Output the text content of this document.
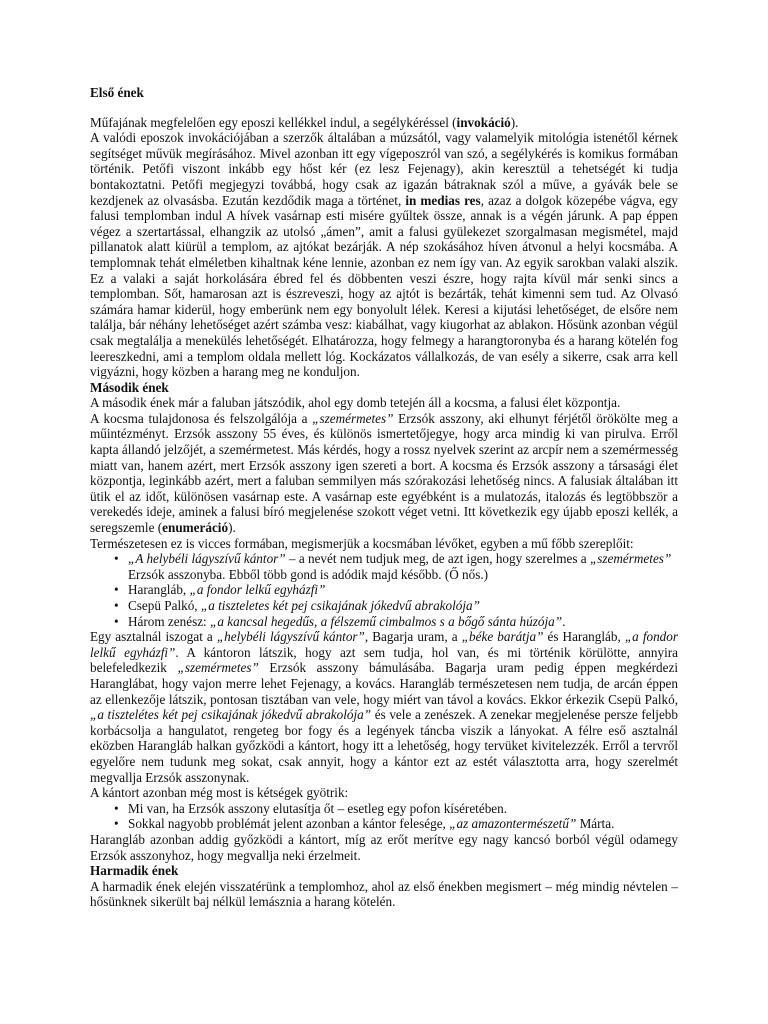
Első ének

Műfajának megfelelően egy eposzi kellékkel indul, a segélykéréssel (invokáció).

A valódi eposzok invokációjában a szerzők általában a múzsától, vagy valamelyik mitológia istenétől kérnek segítséget művük megírásához. Mivel azonban itt egy vígeposzról van szó, a segélykérés is komikus formában történik. Petőfi viszont inkább egy hőst kér (ez lesz Fejenagy), akin keresztül a tehetségét ki tudja bontakoztatni. Petőfi megjegyzi továbbá, hogy csak az igazán bátraknak szól a műve, a gyávák bele se kezdjenek az olvasásba. Ezután kezdődik maga a történet, in medias res, azaz a dolgok közepébe vágva, egy falusi templomban indul A hívek vasárnap esti misére gyűltek össze, annak is a végén járunk. A pap éppen végez a szertartással, elhangzik az utolsó „ámen”, amit a falusi gyülekezet szorgalmasan megismétel, majd pillanatok alatt kiürül a templom, az ajtókat bezárják. A nép szokásához híven átvonul a helyi kocsmába. A templomnak tehát elméletben kihaltnak kéne lennie, azonban ez nem így van. Az egyik sarokban valaki alszik. Ez a valaki a saját horkolására ébred fel és döbbenten veszi észre, hogy rajta kívül már senki sincs a templomban. Sőt, hamarosan azt is észreveszi, hogy az ajtót is bezárták, tehát kimenni sem tud. Az Olvasó számára hamar kiderül, hogy emberünk nem egy bonyolult lélek. Keresi a kijutási lehetőséget, de elsőre nem találja, bár néhány lehetőséget azért számba vesz: kiabálhat, vagy kiugorhat az ablakon. Hősünk azonban végül csak megtalálja a menekülés lehetőségét. Elhatározza, hogy felmegy a harangtoronyba és a harang kötelén fog leereszkedni, ami a templom oldala mellett lóg. Kockázatos vállalkozás, de van esély a sikerre, csak arra kell vigyázni, hogy közben a harang meg ne konduljon.

Második ének

A második ének már a faluban játszódik, ahol egy domb tetején áll a kocsma, a falusi élet központja.

A kocsma tulajdonosa és felszolgálója a „szemérmetes” Erzsók asszony, aki elhunyt férjétől örökölte meg a műintézményt. Erzsók asszony 55 éves, és különös ismertetőjegye, hogy arca mindig ki van pirulva. Erről kapta állandó jelzőjét, a szemérmetest. Más kérdés, hogy a rossz nyelvek szerint az arcpír nem a szemérmesség miatt van, hanem azért, mert Erzsók asszony igen szereti a bort. A kocsma és Erzsók asszony a társasági élet központja, leginkább azért, mert a faluban semmilyen más szórakozási lehetőség nincs. A falusiak általában itt ütik el az időt, különösen vasárnap este. A vasárnap este egyébként is a mulatozás, italozás és legtöbbször a verekedés ideje, aminek a falusi bíró megjelenése szokott véget vetni. Itt következik egy újabb eposzi kellék, a seregszemle (enumeráció).

Természetesen ez is vicces formában, megismerjük a kocsmában lévőket, egyben a mű főbb szereplőit:

• „A helybéli lágyszívű kántor” – a nevét nem tudjuk meg, de azt igen, hogy szerelmes a „szemérmetes” Erzsók asszonyba. Ebből több gond is adódik majd később. (Ő nős.)
• Harangláb, „a fondor lelkű egyházfi”
• Csepü Palkó, „a tiszteletes két pej csikajának jókedvű abrakolója”
• Három zenész: „a kancsal hegedűs, a félszemű cimbalmos s a bőgő sánta húzója”.

Egy asztalnál iszogat a „helybéli lágyszívű kántor”, Bagarja uram, a „béke barátja” és Harangláb, „a fondor lelkű egyházfi”. A kántoron látszik, hogy azt sem tudja, hol van, és mi történik körülötte, annyira belefeledkezik „szemérmetes” Erzsók asszony bámulásába. Bagarja uram pedig éppen megkérdezi Haranglábat, hogy vajon merre lehet Fejenagy, a kovács. Harangláb természetesen nem tudja, de arcán éppen az ellenkezője látszik, pontosan tisztában van vele, hogy miért van távol a kovács. Ekkor érkezik Csepü Palkó, „a tisztelétes két pej csikajának jókedvű abrakolója” és vele a zenészek. A zenekar megjelenése persze feljebb korbácsolja a hangulatot, rengeteg bor fogy és a legények táncba viszik a lányokat. A félre eső asztalnál eközben Harangláb halkan győzködi a kántort, hogy itt a lehetőség, hogy tervüket kivitelezzék. Erről a tervről egyelőre nem tudunk meg sokat, csak annyit, hogy a kántor ezt az estét választotta arra, hogy szerelmét megvallja Erzsók asszonynak.

A kántort azonban még most is kétségek gyötrik:

• Mi van, ha Erzsók asszony elutasítja őt – esetleg egy pofon kíséretében.
• Sokkal nagyobb problémát jelent azonban a kántor felesége, „az amazontermészetű” Márta.

Harangláb azonban addig győzködi a kántort, míg az erőt merítve egy nagy kancsó borból végül odamegy Erzsók asszonyhoz, hogy megvallja neki érzelmeit.

Harmadik ének

A harmadik ének elején visszatérünk a templomhoz, ahol az első énekben megismert – még mindig névtelen – hősünknek sikerült baj nélkül lemásznia a harang kötelén.
